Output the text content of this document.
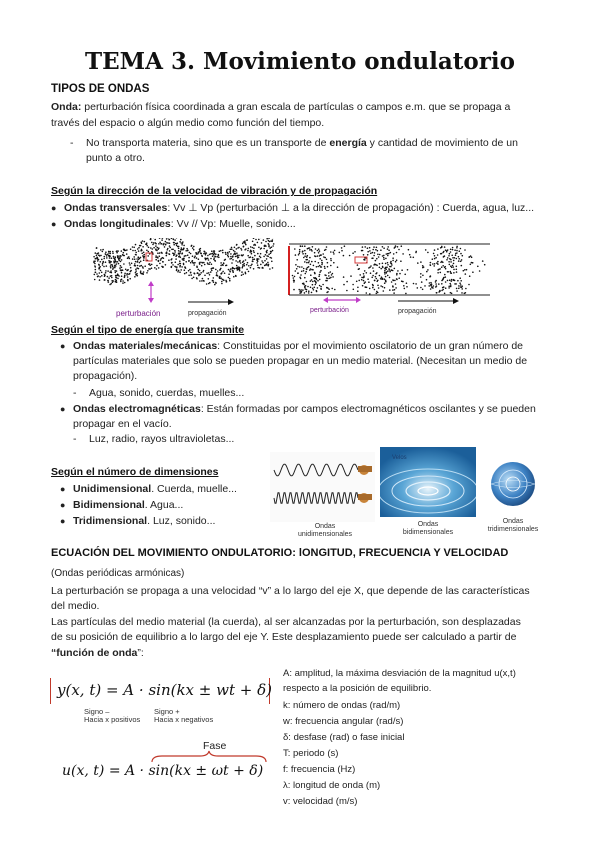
TEMA 3. Movimiento ondulatorio
TIPOS DE ONDAS
Onda: perturbación física coordinada a gran escala de partículas o campos e.m. que se propaga a
través del espacio o algún medio como función del tiempo.
- No transporta materia, sino que es un transporte de energía y cantidad de movimiento de un
punto a otro.
Según la dirección de la velocidad de vibración y de propagación
● Ondas transversales: Vv ⊥ Vp (perturbación ⊥ a la dirección de propagación) : Cuerda, agua, luz...
● Ondas longitudinales: Vv // Vp: Muelle, sonido...
perturbación	propagación	perturbación	propagación
Según el tipo de energía que transmite
● Ondas materiales/mecánicas: Constituidas por el movimiento oscilatorio de un gran número de
partículas materiales que solo se pueden propagar en un medio material. (Necesitan un medio de
propagación).
- Agua, sonido, cuerdas, muelles...
● Ondas electromagnéticas: Están formadas por campos electromagnéticos oscilantes y se pueden
propagar en el vacío.
- Luz, radio, rayos ultravioletas...
Según el número de dimensiones
● Unidimensional. Cuerda, muelle...
● Bidimensional. Agua...
● Tridimensional. Luz, sonido...	Ondas
unidimensionales
Velos
Ondas
bidimensionales
Ondas
tridimensionales
ECUACIÓN DEL MOVIMIENTO ONDULATORIO: lONGITUD, FRECUENCIA Y VELOCIDAD
(Ondas periódicas armónicas)
La perturbación se propaga a una velocidad “v” a lo largo del eje X, que depende de las características
del medio.
Las partículas del medio material (la cuerda), al ser alcanzadas por la perturbación, son desplazadas
de su posición de equilibrio a lo largo del eje Y. Este desplazamiento puede ser calculado a partir de
“función de onda”:
y(x, t) = A · sin(kx ± wt + δ)
Signo –
Hacia x positivos
Signo +
Hacia x negativos
Fase
u(x, t) = A · sin(kx ± ωt + δ)
A: amplitud, la máxima desviación de la magnitud u(x,t)
respecto a la posición de equilibrio.
k: número de ondas (rad/m)
w: frecuencia angular (rad/s)
δ: desfase (rad) o fase inicial
T: periodo (s)
f: frecuencia (Hz)
λ: longitud de onda (m)
v: velocidad (m/s)
